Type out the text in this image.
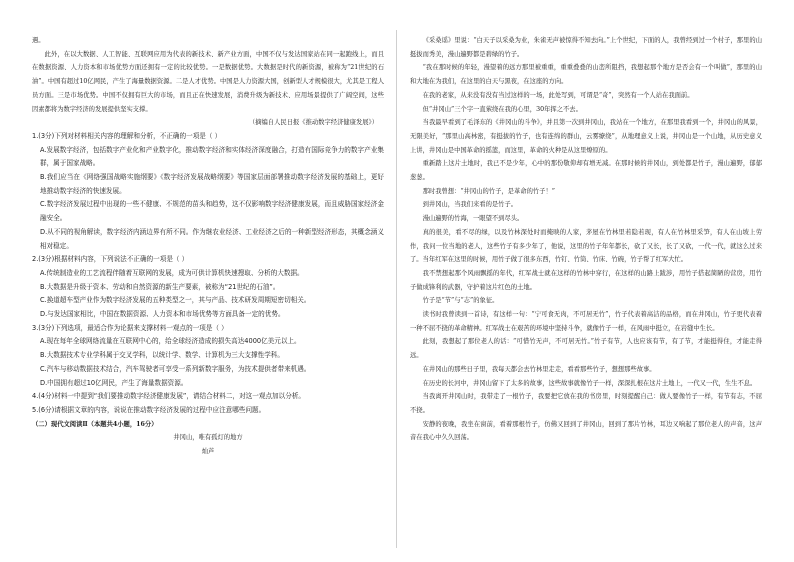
遇。

此外，在以大数据、人工智能、互联网应用为代表的新技术、新产业方面，中国不仅与发达国家站在同一起跑线上，而且在数据资源、人力资本和市场优势方面还拥有一定的比较优势。一是数据优势。大数据是时代的新资源，被称为“21世纪的石油”。中国有超过10亿网民，产生了海量数据资源。二是人才优势。中国是人力资源大国，创新型人才规模很大，尤其是工程人员方面。三是市场优势。中国不仅拥有巨大的市场，而且正在快速发展，消费升级为新技术、应用场景提供了广阔空间，这些因素都将为数字经济的发展提供坚实支撑。

（摘编自人民日报《推动数字经济健康发展》）

1.(3分)下列对材料相关内容的理解和分析，不正确的一项是（ ）

A.发展数字经济，包括数字产业化和产业数字化，推动数字经济和实体经济深度融合，打造有国际竞争力的数字产业集群，属于国家战略。

B.我们应当在《网络强国战略实施纲要》《数字经济发展战略纲要》等国家层面部署推动数字经济发展的基础上，更好地推动数字经济的快速发展。

C.数字经济发展过程中出现的一些不健康、不规范的苗头和趋势，这不仅影响数字经济健康发展，而且威胁国家经济金融安全。

D.从不同的视角解读，数字经济内涵边界有所不同。作为继农业经济、工业经济之后的一种新型经济形态，其概念涵义相对稳定。

2.(3分)根据材料内容，下列说法不正确的一项是（ ）

A.传统制造业的工艺流程伴随着互联网的发展，成为可供计算机快速搜取、分析的大数据。

B.大数据是升级于资本、劳动和自然资源的新生产要素，被称为“21世纪的石油”。

C.换道超车型产业作为数字经济发展的五种类型之一，其与产品、技术研发周期短密切相关。

D.与发达国家相比，中国在数据资源、人力资本和市场优势等方面具备一定的优势。

3.(3分)下列选项，最适合作为论据来支撑材料一观点的一项是（ ）

A.现在每年全球网络流量在互联网中心的，给全球经济造成的损失高达4000亿美元以上。

B.大数据技术专业学科属于交叉学科，以统计学、数学、计算机为三大支撑性学科。

C.汽车与移动数据技术结合，汽车驾驶者可享受一系列新数字服务，为技术提供者带来机遇。

D.中国拥有超过10亿网民，产生了海量数据资源。

4.(4分)材料一中提到“我们要推动数字经济健康发展”，请结合材料二，对这一观点加以分析。

5.(6分)请根据文章的内容，说说在推动数字经济发展的过程中应注意哪些问题。

（二）现代文阅读Ⅱ（本题共4小题，16分）

井冈山，唯有孤灯的地方

灿芦

《采桑谣》里说：“白天子以采桑为业，朱雀无声被惊得不知去向。”上个世纪，下面的人，我曾经到过一个村子，那里的山挺拔而秀美，漫山遍野都是碧绿的竹子。

“我在那时候的年轻，漫望着的远方那里被重重，重重叠叠的山峦所阻挡，我想起那个地方是否会有一个叫做”，那里的山和大地在为我们，在这里的白天与黑夜，在这座的方向。

在我的老家，从来没有没有当过这样的一场，此处写到，可谓是“奇”，突然有一个人站在我面前。

但“井冈山”三个字一直萦绕在我的心里，30年挥之不去。

当我最早看到了毛泽东的《井冈山的斗争》，并且第一次到井冈山，我站在一个地方，在那里我看到一个，井冈山的风景，无限美好，“那里山高林密，有挺拔的竹子，也有连绵的群山，云雾缭绕”，从地理意义上说，井冈山是一个山地，从历史意义上讲，井冈山是中国革命的摇篮，而这里，革命的火种是从这里燎原的。

重新踏上这片土地时，我已不是少年，心中的那份敬仰却有增无减。在那时候的井冈山，到处都是竹子，漫山遍野，郁郁葱葱。

那时我曾想：“井冈山的竹子，是革命的竹子！”

到井冈山，当我们来看的是竹子。

漫山遍野的竹海，一眼望不到尽头。

真的很美，看不尽的绿，以及竹林深处时而掩映的人家，茅屋在竹林里若隐若现，有人在竹林里采笋，有人在山坡上劳作，我问一位当地的老人，这些竹子有多少年了，他说，这里的竹子年年都长，砍了又长，长了又砍，一代一代，就这么过来了。当年红军在这里的时候，用竹子做了很多东西，竹钉、竹筒、竹床、竹碗，竹子帮了红军大忙。

我不禁想起那个风雨飘摇的年代，红军战士就在这样的竹林中穿行，在这样的山路上跋涉，用竹子搭起简陋的营房，用竹子做成锋利的武器，守护着这片红色的土地。

竹子是“节”与“志”的象征。

读书时我曾读到一首诗，有这样一句：“宁可食无肉，不可居无竹”，竹子代表着高洁的品格，而在井冈山，竹子更代表着一种不屈不挠的革命精神。红军战士在艰苦的环境中坚持斗争，就像竹子一样，在风雨中挺立，在岩缝中生长。

此刻，我想起了那位老人的话：“可惜竹无声，不可居无竹。”竹子有节，人也应该有节，有了节，才能挺得住，才能走得远。

在井冈山的那些日子里，我每天都会去竹林里走走，看看那些竹子，想想那些故事。

在历史的长河中，井冈山留下了太多的故事，这些故事就像竹子一样，深深扎根在这片土地上，一代又一代，生生不息。

当我离开井冈山时，我带走了一根竹子，我要把它放在我的书房里，时刻提醒自己：做人要像竹子一样，有节有志，不屈不挠。

安静的夜晚，我坐在窗前，看着那根竹子，仿佛又回到了井冈山，回到了那片竹林，耳边又响起了那位老人的声音，这声音在我心中久久回荡。
